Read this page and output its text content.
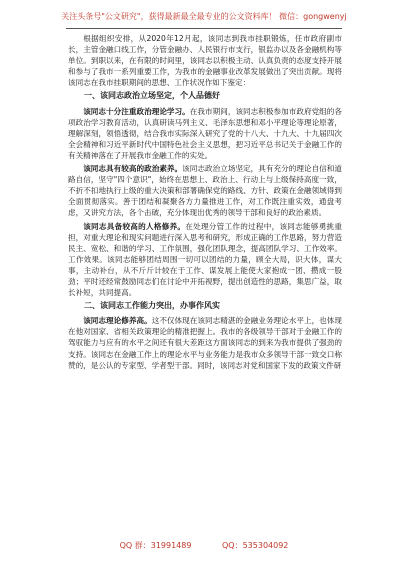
关注头条号"公文研究"，获得最新最全最专业的公文资料库！ 微信：gongwenyj
根据组织安排，从2020年12月起，该同志到我市挂职锻炼，任市政府副市长，主管金融口线工作，分管金融办、人民银行市支行，银监办以及各金融机构等单位。到职以来，在有限的时间里，该同志以积极主动、认真负责的态度支持开展和参与了我市一系列重要工作，为我市的金融事业改革发展做出了突出贡献。现将该同志在我市挂职期间的思想、工作状况作如下鉴定：
一、该同志政治立场坚定，个人品德好
该同志十分注重政治理论学习。在我市期间，该同志积极参加市政府党组的各项政治学习教育活动，认真研读马列主义、毛泽东思想和邓小平理论等理论原著，理解深刻，领悟透彻，结合我市实际深入研究了党的十八大、十九大、十九届四次全会精神和习近平新时代中国特色社会主义思想，把习近平总书记关于金融工作的有关精神落在了开展我市金融工作的实处。
该同志具有较高的政治素养。该同志政治立场坚定，具有充分的理论自信和道路自信，坚守"四个意识"，始终在思想上、政治上、行动上与上级保持高度一致，不折不扣地执行上级的重大决策和部署确保党的路线、方针、政策在金融领域得到全面贯彻落实。善于团结和凝聚各方力量推进工作，对工作既注重实效，通盘考虑，又讲究方法，各个击破，充分体现出优秀的领导干部和良好的政治素质。
该同志具备较高的人格修养。在处理分管工作的过程中，该同志能够勇挑重担，对重大理论和现实问题进行深入思考和研究，形成正确的工作思路，努力营造民主、宽松、和谐的学习、工作氛围，强化团队理念，提高团队学习、工作效率。工作效果。该同志能够团结周围一切可以团结的力量，顾全大局，识大体，谋大事，主动补台，从不斤斤计较在于工作、谋发展上能使大家抱成一团、攒成一股劲；平时还经常鼓励同志们在讨论中开拓视野，提出创造性的思路，集思广益，取长补短，共同提高。
二、该同志工作能力突出，办事作风实
该同志理论修养高。这不仅体现在该同志精湛的金融业务理论水平上，也体现在他对国家、省相关政策理论的精准把握上。我市的各级领导干部对于金融工作的驾驭能力与应有的水平之间还有很大差距这方面该同志的到来为我市提供了强劲的支持。该同志在金融工作上的理论水平与业务能力是我市众多领导干部一致交口称赞的，是公认的专家型、学者型干部。同时，该同志对党和国家下发的政策文件研
QQ 群：31991489	QQ：535304092
